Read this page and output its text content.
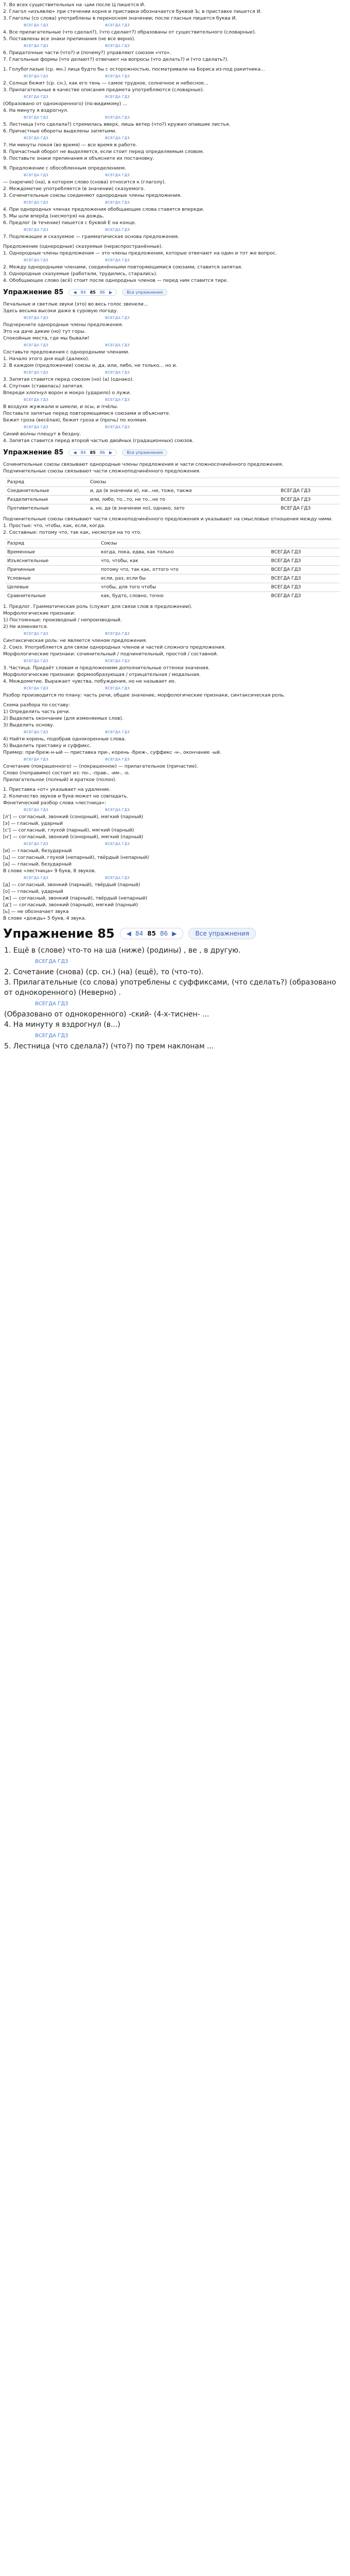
7. Во всех существительных на -ции после Ц пишется И.
2. Глагол «изъявлю» при стечении корня и приставки обозначается буквой Ъ; в приставке пишется И.
3. Глаголы (со слова) употреблены в переносном значении; после гласных пишется буква И.
ВСЕГДА ГДЗ	ВСЕГДА ГДЗ
4. Все прилагательные (что сделал?), (что сделает?) образованы от существительного (словарные).
5. Поставлены все знаки препинания (не все верно).
ВСЕГДА ГДЗ	ВСЕГДА ГДЗ
6. Придаточные части (что?) и (почему?) управляют союзом «что».
7. Глагольные формы (что делают?) отвечают на вопросы (что делать?) и (что сделать?).
1. Голубоглазые (ср. мн.) лица будто бы с осторожностью, посматривали на Бориса из-под ракитника...
ВСЕГДА ГДЗ	ВСЕГДА ГДЗ
2. Солнце бежит (ср. сн.), как его тень — самое трудное, солнечное и небесное...
3. Прилагательные в качестве описания предмета употребляются (словарные).
ВСЕГДА ГДЗ	ВСЕГДА ГДЗ
(Образовано от однокоренного) (по-видимому) ...
4. На минуту я вздрогнул.
ВСЕГДА ГДЗ	ВСЕГДА ГДЗ
5. Лестница (что сделала?) стремилась вверх, лишь ветер (что?) кружил опавшие листья.
6. Причастные обороты выделены запятыми.
ВСЕГДА ГДЗ	ВСЕГДА ГДЗ
7. Ни минуты покоя (во время) — все время в работе.
8. Причастный оборот не выделяется, если стоит перед определяемым словом.
9. Поставьте знаки препинания и объясните их постановку.
Я. Предложение с обособленным определением.
ВСЕГДА ГДЗ	ВСЕГДА ГДЗ
— (наречие) (на), в котором слово (снова) относится к (глаголу).
2. Междометие употребляется (в значении) сказуемого.
3. Сочинительные союзы соединяют однородные члены предложения.
ВСЕГДА ГДЗ	ВСЕГДА ГДЗ
4. При однородных членах предложения обобщающие слова ставятся впереди.
5. Мы шли вперёд (несмотря) на дождь.
6. Предлог (в течение) пишется с буквой Е на конце.
ВСЕГДА ГДЗ	ВСЕГДА ГДЗ
7. Подлежащее и сказуемое — грамматическая основа предложения.
Предложение (однородные) сказуемые (нераспространённые).
1. Однородные члены предложения — это члены предложения, которые отвечают на один и тот же вопрос.
ВСЕГДА ГДЗ	ВСЕГДА ГДЗ
2. Между однородными членами, соединёнными повторяющимися союзами, ставится запятая.
3. Однородные сказуемые (работали, трудились, старались).
4. Обобщающее слово (всё) стоит после однородных членов — перед ним ставится тире.
Упражнение 85 ◀ 84 85 86 ▶	Все упражнения
Печальные и светлые звуки (это) во весь голос звенели...
Здесь весьма высоки даже в суровую погоду.
ВСЕГДА ГДЗ	ВСЕГДА ГДЗ
Подчеркните однородные члены предложения.
Это на даче дикие (но) тут горы.
Спокойные места, где мы бывали!
ВСЕГДА ГДЗ	ВСЕГДА ГДЗ
Составьте предложения с однородными членами.
1. Начало этого дня ещё (далеко).
2. В каждом (предложении) союзы и, да, или, либо, не только... но и.
ВСЕГДА ГДЗ	ВСЕГДА ГДЗ
3. Запятая ставится перед союзом (но) (а) (однако).
4. Спутник (ставилась) запятая.
Впереди хлопнул ворон и мокро (ударило) о лужи.
ВСЕГДА ГДЗ	ВСЕГДА ГДЗ
В воздухе жужжали и шмели, и осы, и пчёлы.
Поставьте запятые перед повторяющимися союзами и объясните.
Бежит гроза (весёлая), бежит гроза и (прочь) по холмам.
ВСЕГДА ГДЗ	ВСЕГДА ГДЗ
Синий волны плещут в бездну.
4. Запятая ставится перед второй частью двойных (градационных) союзов.
Упражнение 85 ◀ 84 85 86 ▶	Все упражнения
Сочинительные союзы связывают однородные члены предложения и части сложносочинённого предложения.
Подчинительные союзы связывают части сложноподчинённого предложения.
Разряд	Союзы	
Соединительные	и, да (в значении и), ни...ни, тоже, также	ВСЕГДА ГДЗ
Разделительные	или, либо, то...то, не то...не то	ВСЕГДА ГДЗ
Противительные	а, но, да (в значении но), однако, зато	ВСЕГДА ГДЗ
Подчинительные союзы связывают части сложноподчинённого предложения и указывают на смысловые отношения между ними.
1. Простые: что, чтобы, как, если, когда.
2. Составные: потому что, так как, несмотря на то что.
Разряд	Союзы	
Временные	когда, пока, едва, как только	ВСЕГДА ГДЗ
Изъяснительные	что, чтобы, как	ВСЕГДА ГДЗ
Причинные	потому что, так как, оттого что	ВСЕГДА ГДЗ
Условные	если, раз, если бы	ВСЕГДА ГДЗ
Целевые	чтобы, для того чтобы	ВСЕГДА ГДЗ
Сравнительные	как, будто, словно, точно	ВСЕГДА ГДЗ
1. Предлог. Грамматическая роль (служит для связи слов в предложении).
Морфологические признаки:
1) Постоянные: производный / непроизводный.
2) Не изменяется.
ВСЕГДА ГДЗ	ВСЕГДА ГДЗ
Синтаксическая роль: не является членом предложения.
2. Союз. Употребляется для связи однородных членов и частей сложного предложения.
Морфологические признаки: сочинительный / подчинительный, простой / составной.
ВСЕГДА ГДЗ	ВСЕГДА ГДЗ
3. Частица. Придаёт словам и предложениям дополнительные оттенки значения.
Морфологические признаки: формообразующая / отрицательная / модальная.
4. Междометие. Выражает чувства, побуждения, но не называет их.
ВСЕГДА ГДЗ	ВСЕГДА ГДЗ
Разбор производится по плану: часть речи, общее значение, морфологические признаки, синтаксическая роль.
Схема разбора по составу:
1) Определить часть речи.
2) Выделить окончание (для изменяемых слов).
3) Выделить основу.
ВСЕГДА ГДЗ	ВСЕГДА ГДЗ
4) Найти корень, подобрав однокоренные слова.
5) Выделить приставку и суффикс.
Пример: при-бреж-н-ый — приставка при-, корень -бреж-, суффикс -н-, окончание -ый.
ВСЕГДА ГДЗ	ВСЕГДА ГДЗ
Сочетание (покрашенного) — (покрашенное) — прилагательное (причастие).
Слово (поправимо) состоит из: по-, -прав-, -им-, -о.
Прилагательное (полный) и краткое (полон).
1. Приставка «от» указывает на удаление.
2. Количество звуков и букв может не совпадать.
Фонетический разбор слова «лестница»:
ВСЕГДА ГДЗ	ВСЕГДА ГДЗ
[л'] — согласный, звонкий (сонорный), мягкий (парный)
[э] — гласный, ударный
[с'] — согласный, глухой (парный), мягкий (парный)
[н'] — согласный, звонкий (сонорный), мягкий (парный)
ВСЕГДА ГДЗ	ВСЕГДА ГДЗ
[и] — гласный, безударный
[ц] — согласный, глухой (непарный), твёрдый (непарный)
[а] — гласный, безударный
В слове «лестница» 9 букв, 8 звуков.
ВСЕГДА ГДЗ	ВСЕГДА ГДЗ
[д] — согласный, звонкий (парный), твёрдый (парный)
[о] — гласный, ударный
[ж] — согласный, звонкий (парный), твёрдый (непарный)
[д'] — согласный, звонкий (парный), мягкий (парный)
[ь] — не обозначает звука
В слове «дождь» 5 букв, 4 звука.
Упражнение 85 ◀ 84 85 86 ▶	Все упражнения
1. Ещё в (слове) что-то на ша (ниже) (родины) , ве , в другую.
ВСЕГДА ГДЗ
2. Сочетание (снова) (ср. сн.) (на) (ещё), то (что-то).
3. Прилагательные (со слова) употреблены с суффиксами, (что сделать?) (образовано от однокоренного) (Неверно) .
ВСЕГДА ГДЗ
(Образовано от однокоренного) -ский- (4-х-тиснен- ...
4. На минуту я вздрогнул (в...)
ВСЕГДА ГДЗ
5. Лестница (что сделала?) (что?) по трем наклонам ...
